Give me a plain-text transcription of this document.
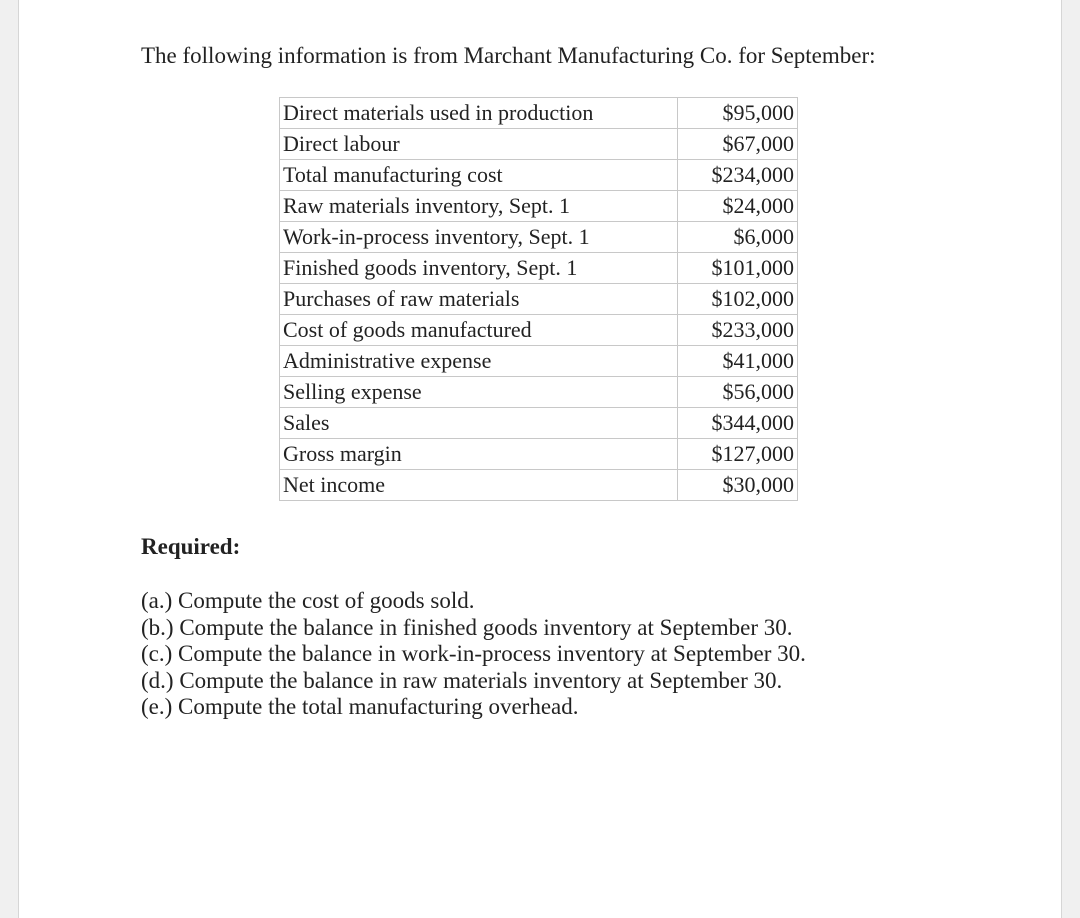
The following information is from Marchant Manufacturing Co. for September:

Direct materials used in production	$95,000
Direct labour	$67,000
Total manufacturing cost	$234,000
Raw materials inventory, Sept. 1	$24,000
Work-in-process inventory, Sept. 1	$6,000
Finished goods inventory, Sept. 1	$101,000
Purchases of raw materials	$102,000
Cost of goods manufactured	$233,000
Administrative expense	$41,000
Selling expense	$56,000
Sales	$344,000
Gross margin	$127,000
Net income	$30,000

Required:

(a.) Compute the cost of goods sold.
(b.) Compute the balance in finished goods inventory at September 30.
(c.) Compute the balance in work-in-process inventory at September 30.
(d.) Compute the balance in raw materials inventory at September 30.
(e.) Compute the total manufacturing overhead.
